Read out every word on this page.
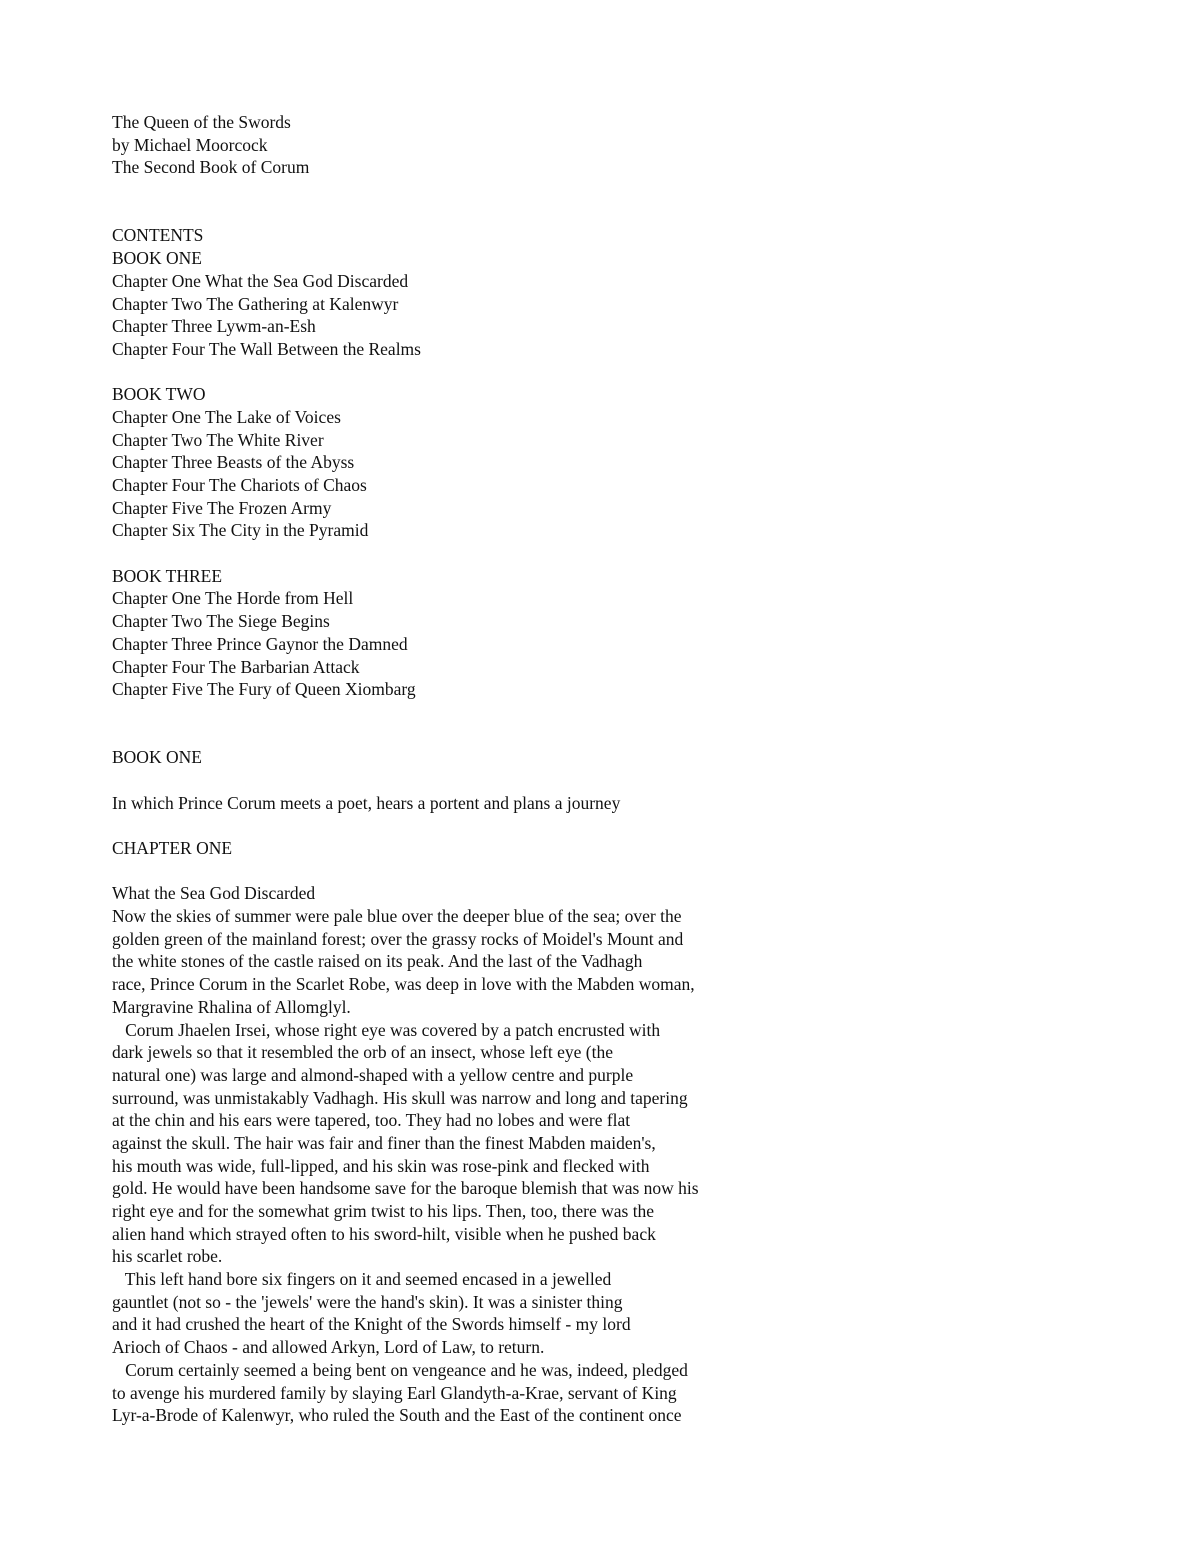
The Queen of the Swords
by Michael Moorcock
The Second Book of Corum
CONTENTS
BOOK ONE
Chapter One What the Sea God Discarded
Chapter Two The Gathering at Kalenwyr
Chapter Three Lywm-an-Esh
Chapter Four The Wall Between the Realms
BOOK TWO
Chapter One The Lake of Voices
Chapter Two The White River
Chapter Three Beasts of the Abyss
Chapter Four The Chariots of Chaos
Chapter Five The Frozen Army
Chapter Six The City in the Pyramid
BOOK THREE
Chapter One The Horde from Hell
Chapter Two The Siege Begins
Chapter Three Prince Gaynor the Damned
Chapter Four The Barbarian Attack
Chapter Five The Fury of Queen Xiombarg
BOOK ONE
In which Prince Corum meets a poet, hears a portent and plans a journey
CHAPTER ONE
What the Sea God Discarded
Now the skies of summer were pale blue over the deeper blue of the sea; over the
golden green of the mainland forest; over the grassy rocks of Moidel's Mount and
the white stones of the castle raised on its peak. And the last of the Vadhagh
race, Prince Corum in the Scarlet Robe, was deep in love with the Mabden woman,
Margravine Rhalina of Allomglyl.
Corum Jhaelen Irsei, whose right eye was covered by a patch encrusted with
dark jewels so that it resembled the orb of an insect, whose left eye (the
natural one) was large and almond-shaped with a yellow centre and purple
surround, was unmistakably Vadhagh. His skull was narrow and long and tapering
at the chin and his ears were tapered, too. They had no lobes and were flat
against the skull. The hair was fair and finer than the finest Mabden maiden's,
his mouth was wide, full-lipped, and his skin was rose-pink and flecked with
gold. He would have been handsome save for the baroque blemish that was now his
right eye and for the somewhat grim twist to his lips. Then, too, there was the
alien hand which strayed often to his sword-hilt, visible when he pushed back
his scarlet robe.
This left hand bore six fingers on it and seemed encased in a jewelled
gauntlet (not so - the 'jewels' were the hand's skin). It was a sinister thing
and it had crushed the heart of the Knight of the Swords himself - my lord
Arioch of Chaos - and allowed Arkyn, Lord of Law, to return.
Corum certainly seemed a being bent on vengeance and he was, indeed, pledged
to avenge his murdered family by slaying Earl Glandyth-a-Krae, servant of King
Lyr-a-Brode of Kalenwyr, who ruled the South and the East of the continent once
